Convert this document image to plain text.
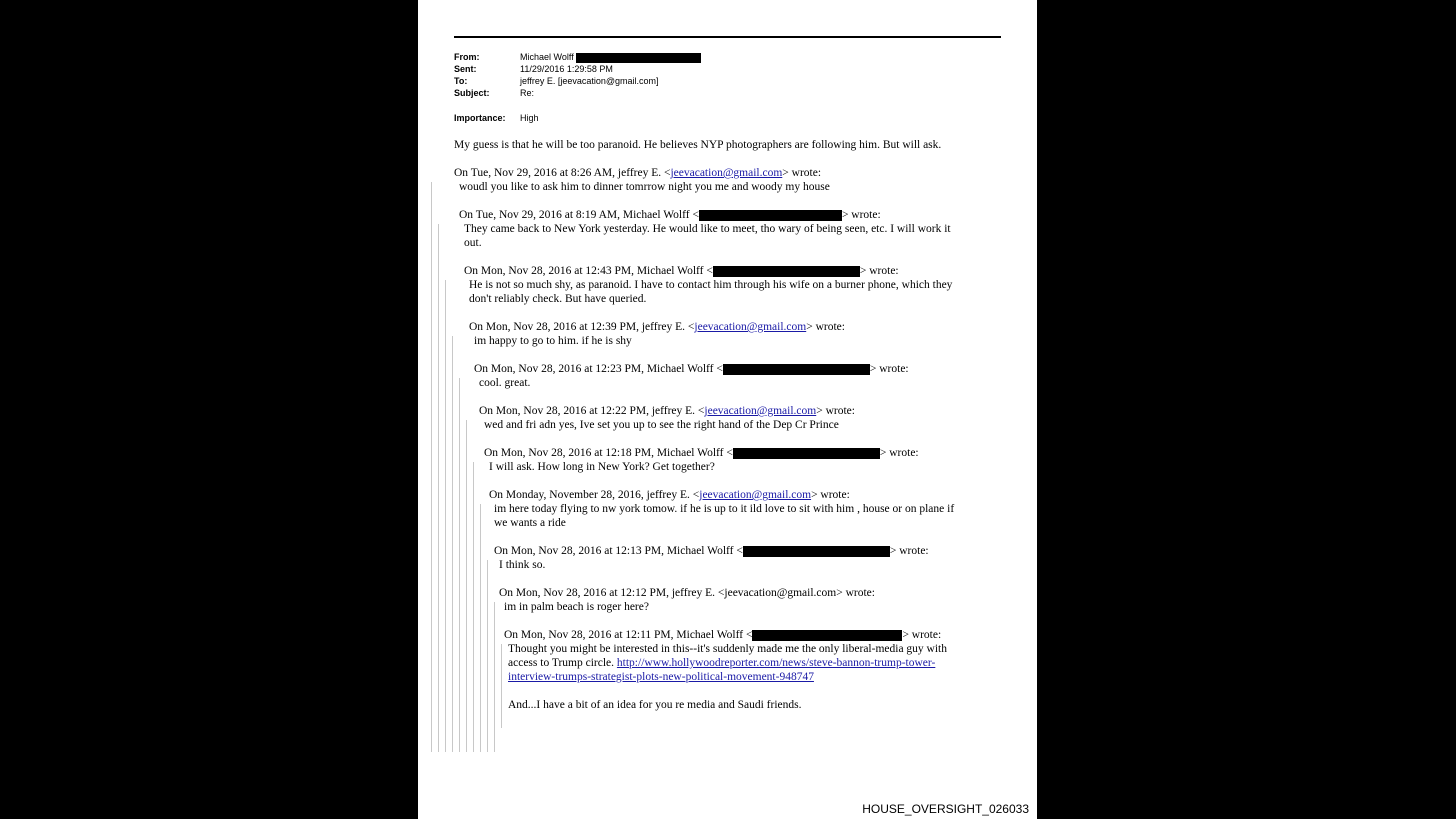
From:	Michael Wolff
Sent:	11/29/2016 1:29:58 PM
To:	jeffrey E. [jeevacation@gmail.com]
Subject:	Re:
Importance: High
My guess is that he will be too paranoid. He believes NYP photographers are following him. But will ask.
On Tue, Nov 29, 2016 at 8:26 AM, jeffrey E. <jeevacation@gmail.com> wrote:
woudl you like to ask him to dinner tomrrow night you me and woody my house
On Tue, Nov 29, 2016 at 8:19 AM, Michael Wolff <	> wrote:
They came back to New York yesterday. He would like to meet, tho wary of being seen, etc. I will work it
out.
On Mon, Nov 28, 2016 at 12:43 PM, Michael Wolff <	> wrote:
He is not so much shy, as paranoid. I have to contact him through his wife on a burner phone, which they
don't reliably check. But have queried.
On Mon, Nov 28, 2016 at 12:39 PM, jeffrey E. <jeevacation@gmail.com> wrote:
im happy to go to him. if he is shy
On Mon, Nov 28, 2016 at 12:23 PM, Michael Wolff <	> wrote:
cool. great.
On Mon, Nov 28, 2016 at 12:22 PM, jeffrey E. <jeevacation@gmail.com> wrote:
wed and fri adn yes, Ive set you up to see the right hand of the Dep Cr Prince
On Mon, Nov 28, 2016 at 12:18 PM, Michael Wolff <	> wrote:
I will ask. How long in New York? Get together?
On Monday, November 28, 2016, jeffrey E. <jeevacation@gmail.com> wrote:
im here today flying to nw york tomow. if he is up to it ild love to sit with him , house or on plane if
we wants a ride
On Mon, Nov 28, 2016 at 12:13 PM, Michael Wolff <	> wrote:
I think so.
On Mon, Nov 28, 2016 at 12:12 PM, jeffrey E. <jeevacation@gmail.com> wrote:
im in palm beach is roger here?
On Mon, Nov 28, 2016 at 12:11 PM, Michael Wolff <	> wrote:
Thought you might be interested in this--it's suddenly made me the only liberal-media guy with
access to Trump circle. http://www.hollywoodreporter.com/news/steve-bannon-trump-tower-
interview-trumps-strategist-plots-new-political-movement-948747
And...I have a bit of an idea for you re media and Saudi friends.
HOUSE_OVERSIGHT_026033
